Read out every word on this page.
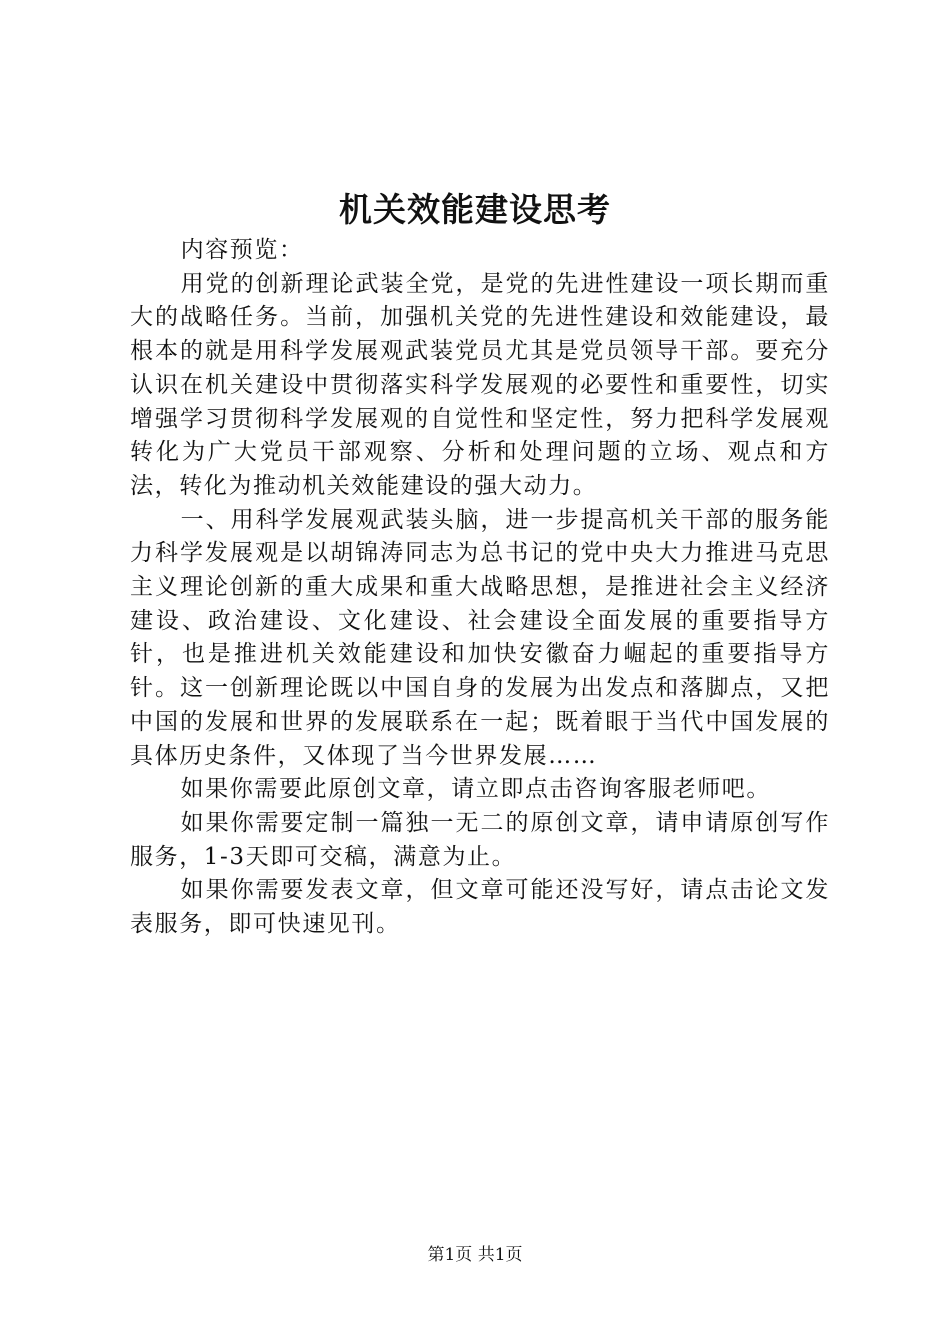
机关效能建设思考

内容预览：

用党的创新理论武装全党，是党的先进性建设一项长期而重大的战略任务。当前，加强机关党的先进性建设和效能建设，最根本的就是用科学发展观武装党员尤其是党员领导干部。要充分认识在机关建设中贯彻落实科学发展观的必要性和重要性，切实增强学习贯彻科学发展观的自觉性和坚定性，努力把科学发展观转化为广大党员干部观察、分析和处理问题的立场、观点和方法，转化为推动机关效能建设的强大动力。

一、用科学发展观武装头脑，进一步提高机关干部的服务能力科学发展观是以胡锦涛同志为总书记的党中央大力推进马克思主义理论创新的重大成果和重大战略思想，是推进社会主义经济建设、政治建设、文化建设、社会建设全面发展的重要指导方针，也是推进机关效能建设和加快安徽奋力崛起的重要指导方针。这一创新理论既以中国自身的发展为出发点和落脚点，又把中国的发展和世界的发展联系在一起；既着眼于当代中国发展的具体历史条件，又体现了当今世界发展……

如果你需要此原创文章，请立即点击咨询客服老师吧。

如果你需要定制一篇独一无二的原创文章，请申请原创写作服务，1-3天即可交稿，满意为止。

如果你需要发表文章，但文章可能还没写好，请点击论文发表服务，即可快速见刊。

第1页 共1页
